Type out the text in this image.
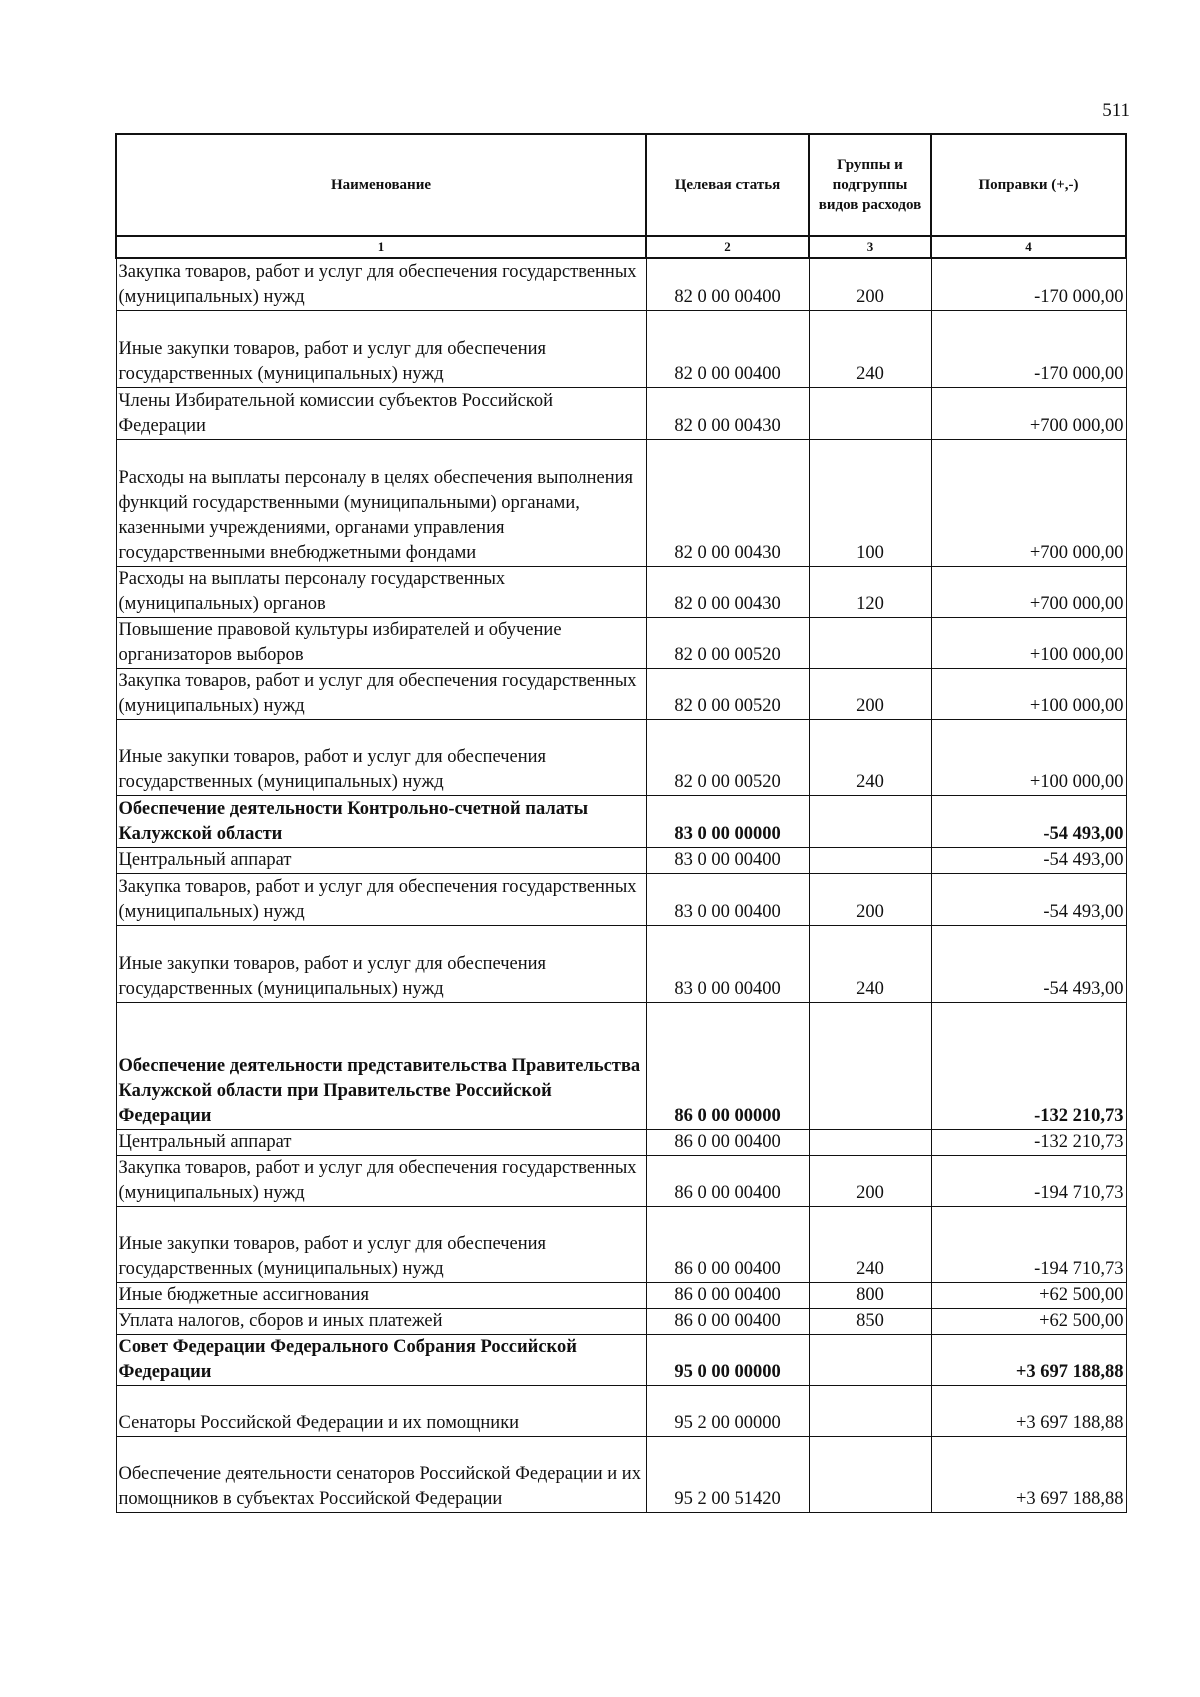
511
Наименование	Целевая статья	Группы и подгруппы видов расходов	Поправки (+,-)
1	2	3	4
Закупка товаров, работ и услуг для обеспечения государственных (муниципальных) нужд	82 0 00 00400	200	-170 000,00
Иные закупки товаров, работ и услуг для обеспечения государственных (муниципальных) нужд	82 0 00 00400	240	-170 000,00
Члены Избирательной комиссии субъектов Российской Федерации	82 0 00 00430		+700 000,00
Расходы на выплаты персоналу в целях обеспечения выполнения функций государственными (муниципальными) органами, казенными учреждениями, органами управления государственными внебюджетными фондами	82 0 00 00430	100	+700 000,00
Расходы на выплаты персоналу государственных (муниципальных) органов	82 0 00 00430	120	+700 000,00
Повышение правовой культуры избирателей и обучение организаторов выборов	82 0 00 00520		+100 000,00
Закупка товаров, работ и услуг для обеспечения государственных (муниципальных) нужд	82 0 00 00520	200	+100 000,00
Иные закупки товаров, работ и услуг для обеспечения государственных (муниципальных) нужд	82 0 00 00520	240	+100 000,00
Обеспечение деятельности Контрольно-счетной палаты Калужской области	83 0 00 00000		-54 493,00
Центральный аппарат	83 0 00 00400		-54 493,00
Закупка товаров, работ и услуг для обеспечения государственных (муниципальных) нужд	83 0 00 00400	200	-54 493,00
Иные закупки товаров, работ и услуг для обеспечения государственных (муниципальных) нужд	83 0 00 00400	240	-54 493,00
Обеспечение деятельности представительства Правительства Калужской области при Правительстве Российской Федерации	86 0 00 00000		-132 210,73
Центральный аппарат	86 0 00 00400		-132 210,73
Закупка товаров, работ и услуг для обеспечения государственных (муниципальных) нужд	86 0 00 00400	200	-194 710,73
Иные закупки товаров, работ и услуг для обеспечения государственных (муниципальных) нужд	86 0 00 00400	240	-194 710,73
Иные бюджетные ассигнования	86 0 00 00400	800	+62 500,00
Уплата налогов, сборов и иных платежей	86 0 00 00400	850	+62 500,00
Совет Федерации Федерального Собрания Российской Федерации	95 0 00 00000		+3 697 188,88
Сенаторы Российской Федерации и их помощники	95 2 00 00000		+3 697 188,88
Обеспечение деятельности сенаторов Российской Федерации и их помощников в субъектах Российской Федерации	95 2 00 51420		+3 697 188,88
